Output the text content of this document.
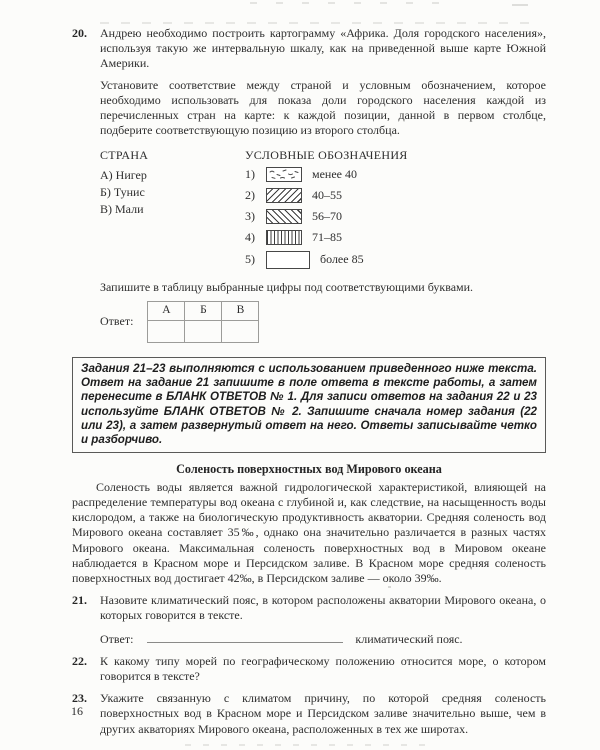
20.	Андрею необходимо построить картограмму «Африка. Доля городского населения», используя такую же интервальную шкалу, как на приведенной выше карте Южной Америки.

Установите соответствие между страной и условным обозначением, которое необходимо использовать для показа доли городского населения каждой из перечисленных стран на карте: к каждой позиции, данной в первом столбце, подберите соответствующую позицию из второго столбца.

СТРАНА
А) Нигер
Б) Тунис
В) Мали
УСЛОВНЫЕ ОБОЗНАЧЕНИЯ
1)	менее 40
2)	40–55
3)	56–70
4)	71–85
5)	более 85

Запишите в таблицу выбранные цифры под соответствующими буквами.

Ответ:
А	Б	В

Задания 21–23 выполняются с использованием приведенного ниже текста. Ответ на задание 21 запишите в поле ответа в тексте работы, а затем перенесите в БЛАНК ОТВЕТОВ № 1. Для записи ответов на задания 22 и 23 используйте БЛАНК ОТВЕТОВ № 2. Запишите сначала номер задания (22 или 23), а затем развернутый ответ на него. Ответы записывайте четко и разборчиво.
Соленость поверхностных вод Мирового океана
Соленость воды является важной гидрологической характеристикой, влияющей на распределение температуры вод океана с глубиной и, как следствие, на насыщенность воды кислородом, а также на биологическую продуктивность акватории. Средняя соленость вод Мирового океана составляет 35‰, однако она значительно различается в разных частях Мирового океана. Максимальная соленость поверхностных вод в Мировом океане наблюдается в Красном море и Персидском заливе. В Красном море средняя соленость поверхностных вод достигает 42‰, в Персидском заливе — около 39‰.
21.	Назовите климатический пояс, в котором расположены акватории Мирового океана, о которых говорится в тексте.

Ответ:	климатический пояс.
22.	К какому типу морей по географическому положению относится море, о котором говорится в тексте?

23.	Укажите связанную с климатом причину, по которой средняя соленость поверхностных вод в Красном море и Персидском заливе значительно выше, чем в других акваториях Мирового океана, расположенных в тех же широтах.

16
